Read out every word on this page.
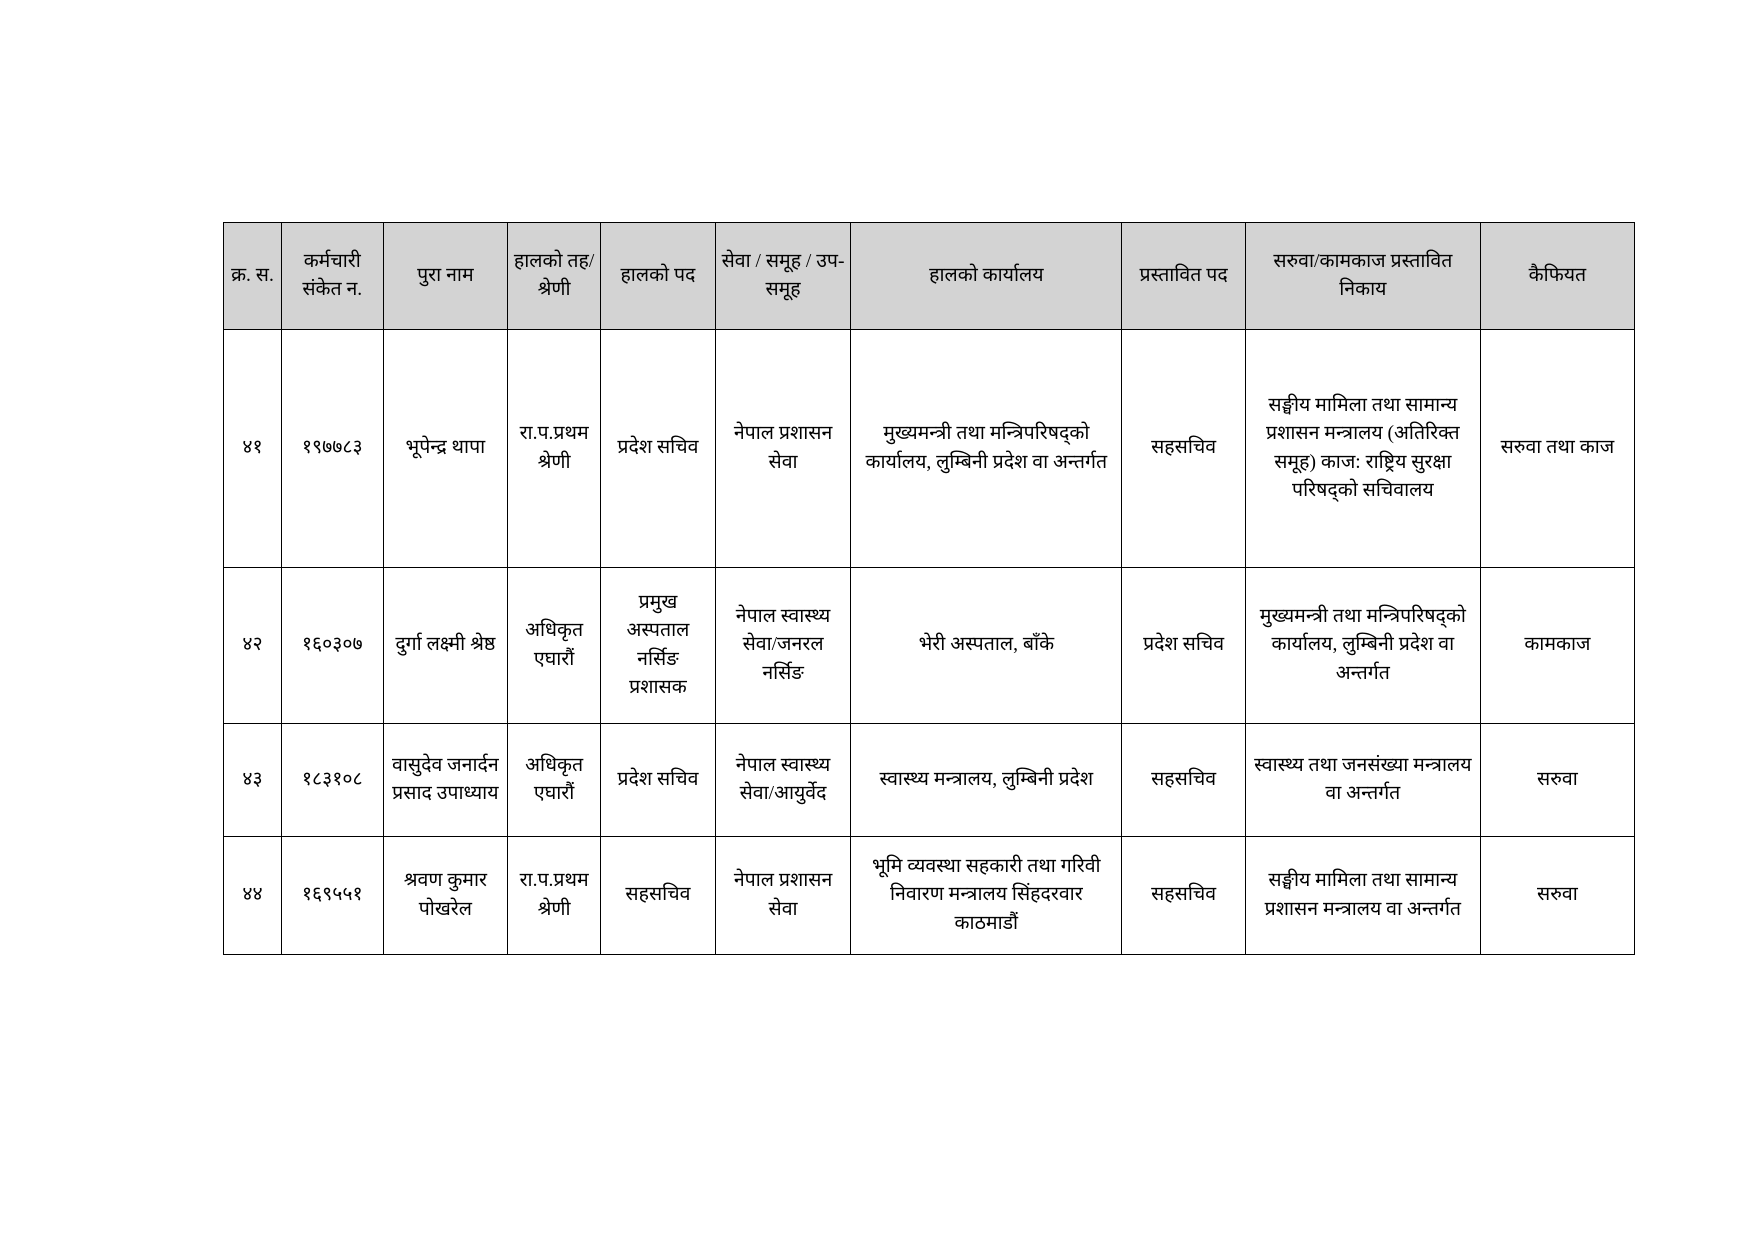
क्र. स.	कर्मचारी संकेत न.	पुरा नाम	हालको तह/श्रेणी	हालको पद	सेवा / समूह / उप-समूह	हालको कार्यालय	प्रस्तावित पद	सरुवा/कामकाज प्रस्तावित निकाय	कैफियत
४१	१९७७८३	भूपेन्द्र थापा	रा.प.प्रथम श्रेणी	प्रदेश सचिव	नेपाल प्रशासन सेवा	मुख्यमन्त्री तथा मन्त्रिपरिषद्को कार्यालय, लुम्बिनी प्रदेश वा अन्तर्गत	सहसचिव	सङ्घीय मामिला तथा सामान्य प्रशासन मन्त्रालय (अतिरिक्त समूह) काज: राष्ट्रिय सुरक्षा परिषद्को सचिवालय	सरुवा तथा काज
४२	१६०३०७	दुर्गा लक्ष्मी श्रेष्ठ	अधिकृत एघारौं	प्रमुख अस्पताल नर्सिङ प्रशासक	नेपाल स्वास्थ्य सेवा/जनरल नर्सिङ	भेरी अस्पताल, बाँके	प्रदेश सचिव	मुख्यमन्त्री तथा मन्त्रिपरिषद्को कार्यालय, लुम्बिनी प्रदेश वा अन्तर्गत	कामकाज
४३	१८३१०८	वासुदेव जनार्दन प्रसाद उपाध्याय	अधिकृत एघारौं	प्रदेश सचिव	नेपाल स्वास्थ्य सेवा/आयुर्वेद	स्वास्थ्य मन्त्रालय, लुम्बिनी प्रदेश	सहसचिव	स्वास्थ्य तथा जनसंख्या मन्त्रालय वा अन्तर्गत	सरुवा
४४	१६९५५१	श्रवण कुमार पोखरेल	रा.प.प्रथम श्रेणी	सहसचिव	नेपाल प्रशासन सेवा	भूमि व्यवस्था सहकारी तथा गरिवी निवारण मन्त्रालय सिंहदरवार काठमाडौं	सहसचिव	सङ्घीय मामिला तथा सामान्य प्रशासन मन्त्रालय वा अन्तर्गत	सरुवा
